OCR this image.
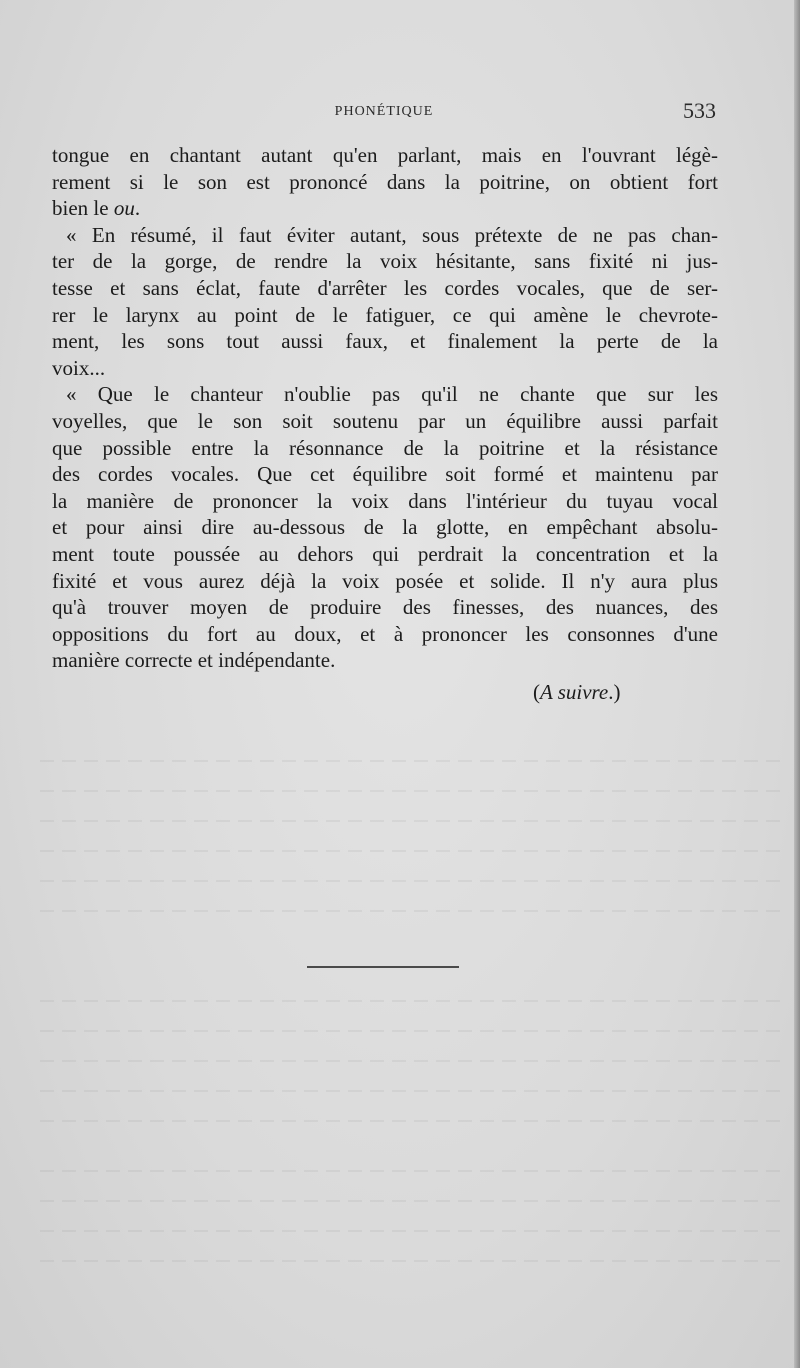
PHONÉTIQUE	533
tongue en chantant autant qu'en parlant, mais en l'ouvrant légè-
rement si le son est prononcé dans la poitrine, on obtient fort
bien le ou.
« En résumé, il faut éviter autant, sous prétexte de ne pas chan-
ter de la gorge, de rendre la voix hésitante, sans fixité ni jus-
tesse et sans éclat, faute d'arrêter les cordes vocales, que de ser-
rer le larynx au point de le fatiguer, ce qui amène le chevrote-
ment, les sons tout aussi faux, et finalement la perte de la
voix...
« Que le chanteur n'oublie pas qu'il ne chante que sur les
voyelles, que le son soit soutenu par un équilibre aussi parfait
que possible entre la résonnance de la poitrine et la résistance
des cordes vocales. Que cet équilibre soit formé et maintenu par
la manière de prononcer la voix dans l'intérieur du tuyau vocal
et pour ainsi dire au-dessous de la glotte, en empêchant absolu-
ment toute poussée au dehors qui perdrait la concentration et la
fixité et vous aurez déjà la voix posée et solide. Il n'y aura plus
qu'à trouver moyen de produire des finesses, des nuances, des
oppositions du fort au doux, et à prononcer les consonnes d'une
manière correcte et indépendante.
(A suivre.)
